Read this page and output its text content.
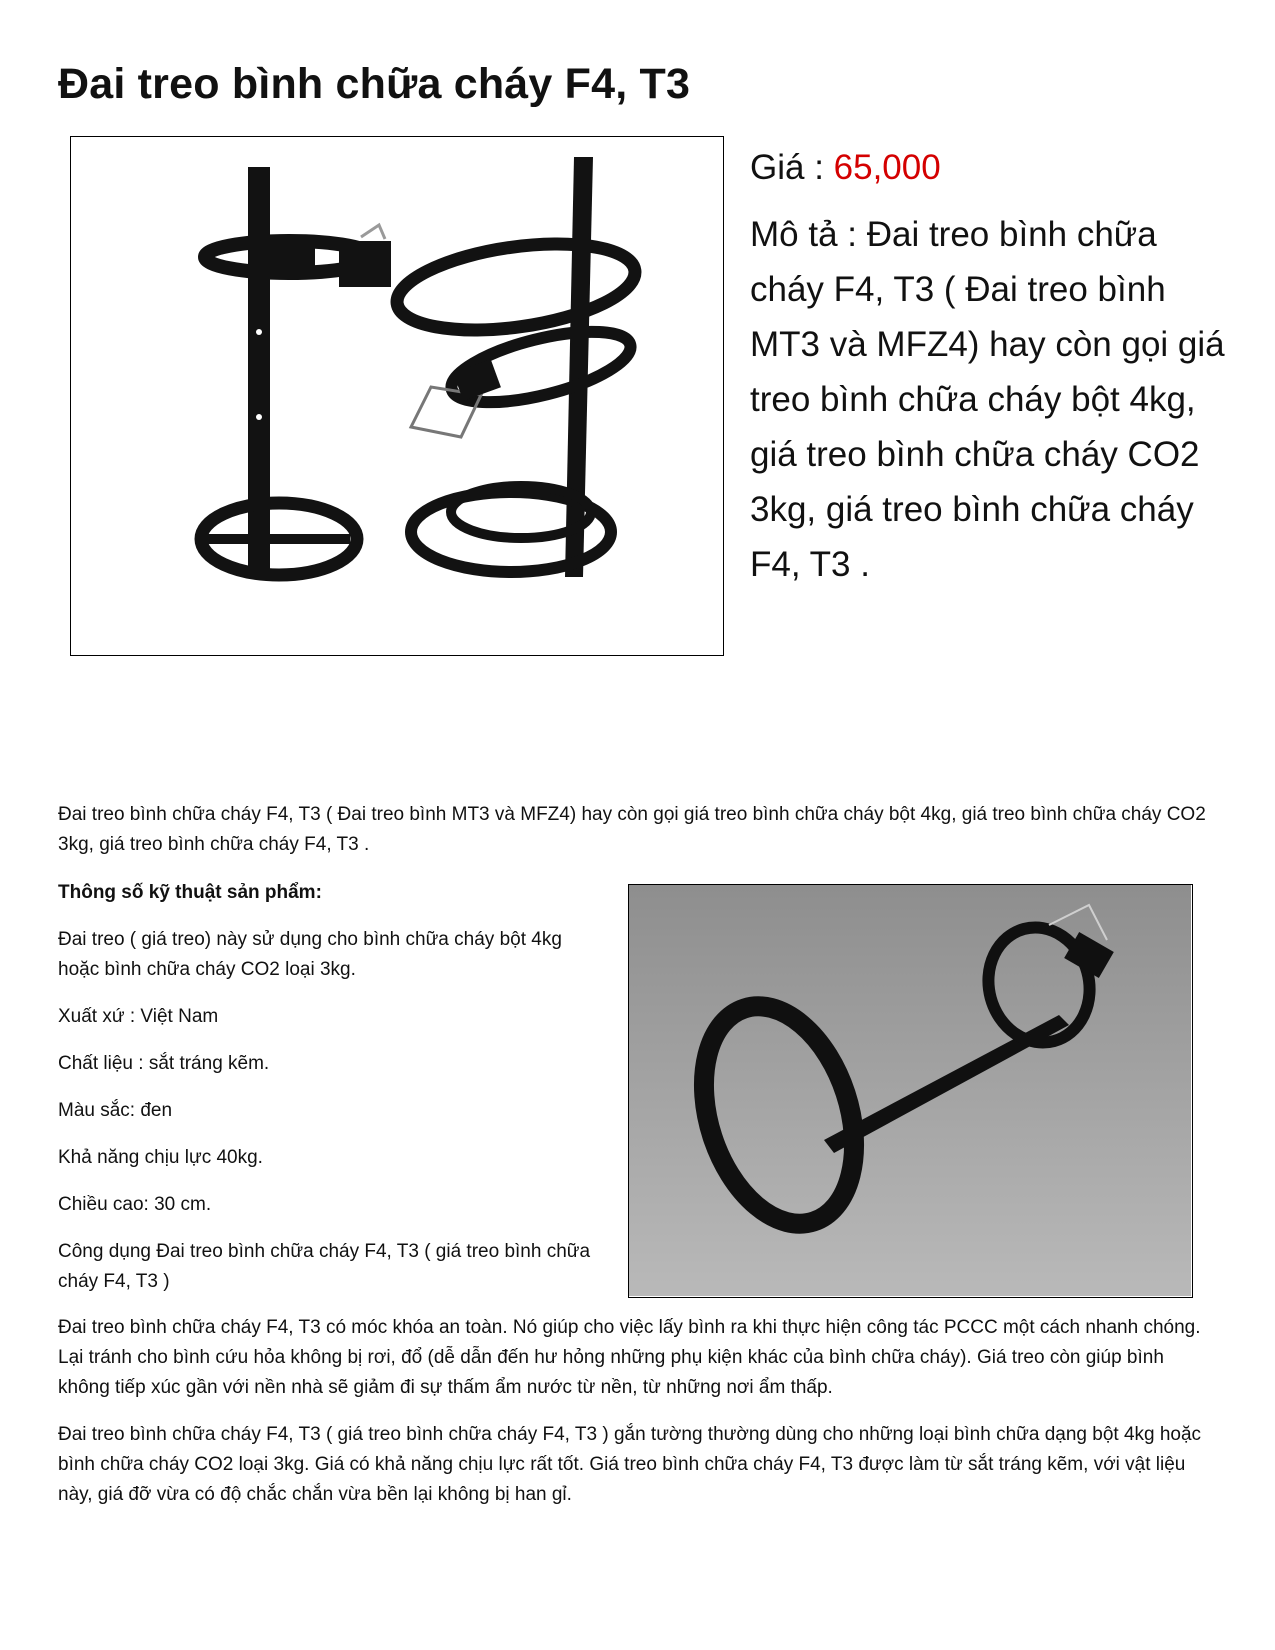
Đai treo bình chữa cháy F4, T3

Giá : 65,000

Mô tả : Đai treo bình chữa cháy F4, T3 ( Đai treo bình MT3 và MFZ4) hay còn gọi giá treo bình chữa cháy bột 4kg, giá treo bình chữa cháy CO2 3kg, giá treo bình chữa cháy F4, T3 .

Đai treo bình chữa cháy F4, T3 ( Đai treo bình MT3 và MFZ4) hay còn gọi giá treo bình chữa cháy bột 4kg, giá treo bình chữa cháy CO2 3kg, giá treo bình chữa cháy F4, T3 .

Thông số kỹ thuật sản phẩm:

Đai treo ( giá treo) này sử dụng cho bình chữa cháy bột 4kg hoặc bình chữa cháy CO2 loại 3kg.

Xuất xứ : Việt Nam

Chất liệu : sắt tráng kẽm.

Màu sắc: đen

Khả năng chịu lực 40kg.

Chiều cao: 30 cm.

Công dụng Đai treo bình chữa cháy F4, T3 ( giá treo bình chữa cháy F4, T3 )

Đai treo bình chữa cháy F4, T3 có móc khóa an toàn. Nó giúp cho việc lấy bình ra khi thực hiện công tác PCCC một cách nhanh chóng. Lại tránh cho bình cứu hỏa không bị rơi, đổ (dễ dẫn đến hư hỏng những phụ kiện khác của bình chữa cháy). Giá treo còn giúp bình không tiếp xúc gần với nền nhà sẽ giảm đi sự thấm ẩm nước từ nền, từ những nơi ẩm thấp.

Đai treo bình chữa cháy F4, T3 ( giá treo bình chữa cháy F4, T3 ) gắn tường thường dùng cho những loại bình chữa dạng bột 4kg hoặc bình chữa cháy CO2 loại 3kg. Giá có khả năng chịu lực rất tốt. Giá treo bình chữa cháy F4, T3 được làm từ sắt tráng kẽm, với vật liệu này, giá đỡ vừa có độ chắc chắn vừa bền lại không bị han gỉ.
